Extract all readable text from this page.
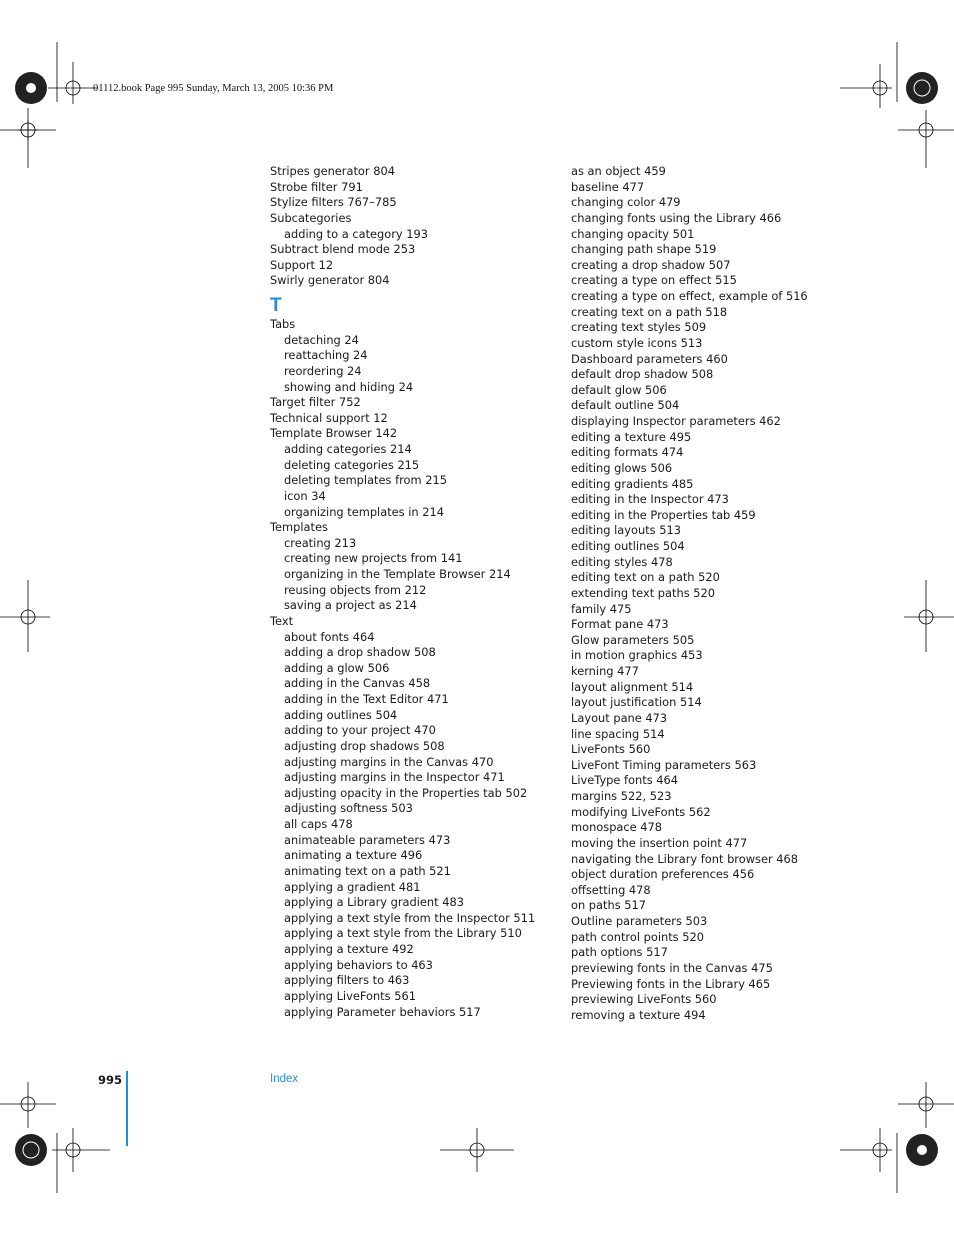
01112.book Page 995 Sunday, March 13, 2005 10:36 PM
Stripes generator 804
Strobe filter 791
Stylize filters 767–785
Subcategories
adding to a category 193
Subtract blend mode 253
Support 12
Swirly generator 804
T
Tabs
detaching 24
reattaching 24
reordering 24
showing and hiding 24
Target filter 752
Technical support 12
Template Browser 142
adding categories 214
deleting categories 215
deleting templates from 215
icon 34
organizing templates in 214
Templates
creating 213
creating new projects from 141
organizing in the Template Browser 214
reusing objects from 212
saving a project as 214
Text
about fonts 464
adding a drop shadow 508
adding a glow 506
adding in the Canvas 458
adding in the Text Editor 471
adding outlines 504
adding to your project 470
adjusting drop shadows 508
adjusting margins in the Canvas 470
adjusting margins in the Inspector 471
adjusting opacity in the Properties tab 502
adjusting softness 503
all caps 478
animateable parameters 473
animating a texture 496
animating text on a path 521
applying a gradient 481
applying a Library gradient 483
applying a text style from the Inspector 511
applying a text style from the Library 510
applying a texture 492
applying behaviors to 463
applying filters to 463
applying LiveFonts 561
applying Parameter behaviors 517
as an object 459
baseline 477
changing color 479
changing fonts using the Library 466
changing opacity 501
changing path shape 519
creating a drop shadow 507
creating a type on effect 515
creating a type on effect, example of 516
creating text on a path 518
creating text styles 509
custom style icons 513
Dashboard parameters 460
default drop shadow 508
default glow 506
default outline 504
displaying Inspector parameters 462
editing a texture 495
editing formats 474
editing glows 506
editing gradients 485
editing in the Inspector 473
editing in the Properties tab 459
editing layouts 513
editing outlines 504
editing styles 478
editing text on a path 520
extending text paths 520
family 475
Format pane 473
Glow parameters 505
in motion graphics 453
kerning 477
layout alignment 514
layout justification 514
Layout pane 473
line spacing 514
LiveFonts 560
LiveFont Timing parameters 563
LiveType fonts 464
margins 522, 523
modifying LiveFonts 562
monospace 478
moving the insertion point 477
navigating the Library font browser 468
object duration preferences 456
offsetting 478
on paths 517
Outline parameters 503
path control points 520
path options 517
previewing fonts in the Canvas 475
Previewing fonts in the Library 465
previewing LiveFonts 560
removing a texture 494
995	Index
